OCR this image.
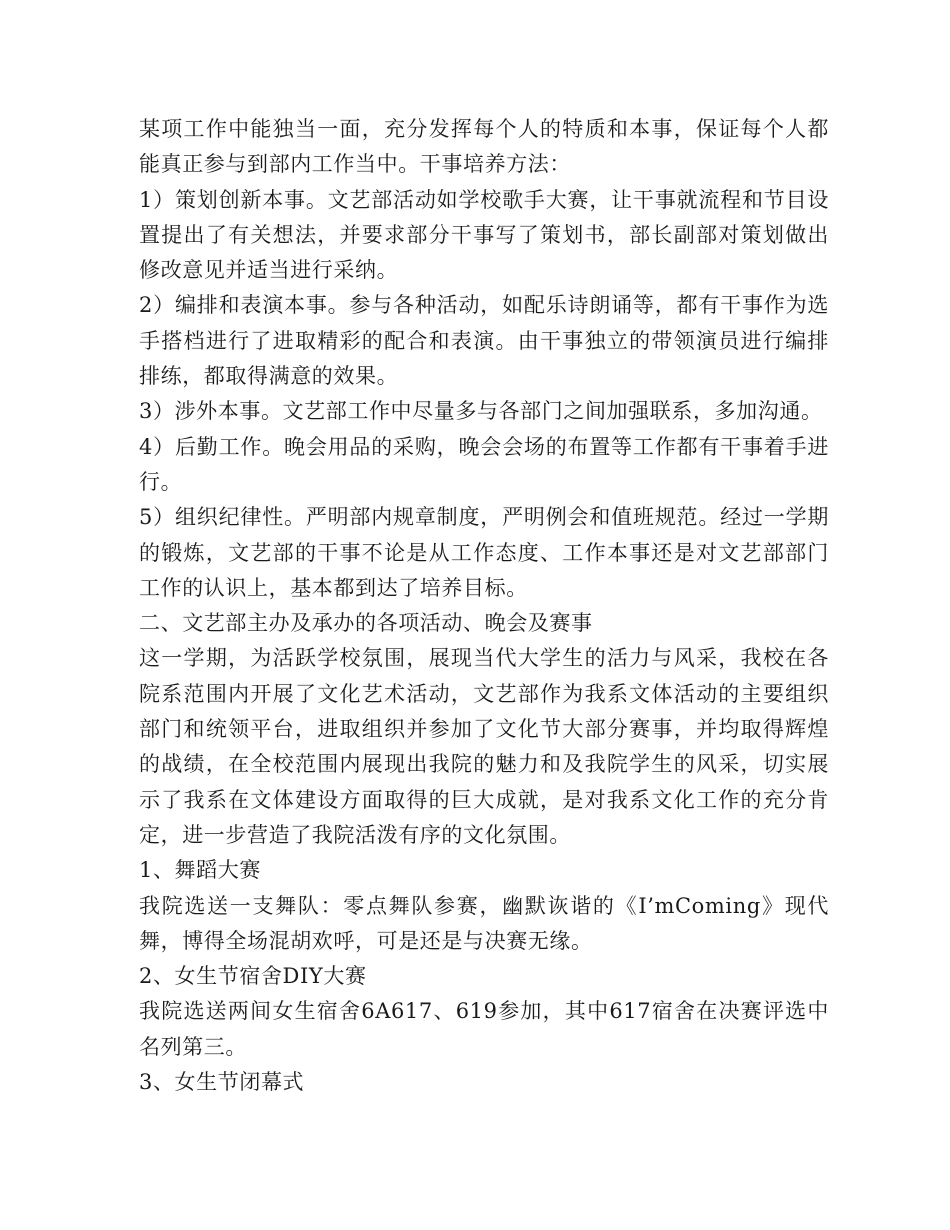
某项工作中能独当一面，充分发挥每个人的特质和本事，保证每个人都能真正参与到部内工作当中。干事培养方法：

1）策划创新本事。文艺部活动如学校歌手大赛，让干事就流程和节目设置提出了有关想法，并要求部分干事写了策划书，部长副部对策划做出修改意见并适当进行采纳。

2）编排和表演本事。参与各种活动，如配乐诗朗诵等，都有干事作为选手搭档进行了进取精彩的配合和表演。由干事独立的带领演员进行编排排练，都取得满意的效果。

3）涉外本事。文艺部工作中尽量多与各部门之间加强联系，多加沟通。

4）后勤工作。晚会用品的采购，晚会会场的布置等工作都有干事着手进行。

5）组织纪律性。严明部内规章制度，严明例会和值班规范。经过一学期的锻炼，文艺部的干事不论是从工作态度、工作本事还是对文艺部部门工作的认识上，基本都到达了培养目标。

二、文艺部主办及承办的各项活动、晚会及赛事

这一学期，为活跃学校氛围，展现当代大学生的活力与风采，我校在各院系范围内开展了文化艺术活动，文艺部作为我系文体活动的主要组织部门和统领平台，进取组织并参加了文化节大部分赛事，并均取得辉煌的战绩，在全校范围内展现出我院的魅力和及我院学生的风采，切实展示了我系在文体建设方面取得的巨大成就，是对我系文化工作的充分肯定，进一步营造了我院活泼有序的文化氛围。

1、舞蹈大赛

我院选送一支舞队：零点舞队参赛，幽默诙谐的《I’mComing》现代舞，博得全场混胡欢呼，可是还是与决赛无缘。

2、女生节宿舍DIY大赛

我院选送两间女生宿舍6A617、619参加，其中617宿舍在决赛评选中名列第三。

3、女生节闭幕式
